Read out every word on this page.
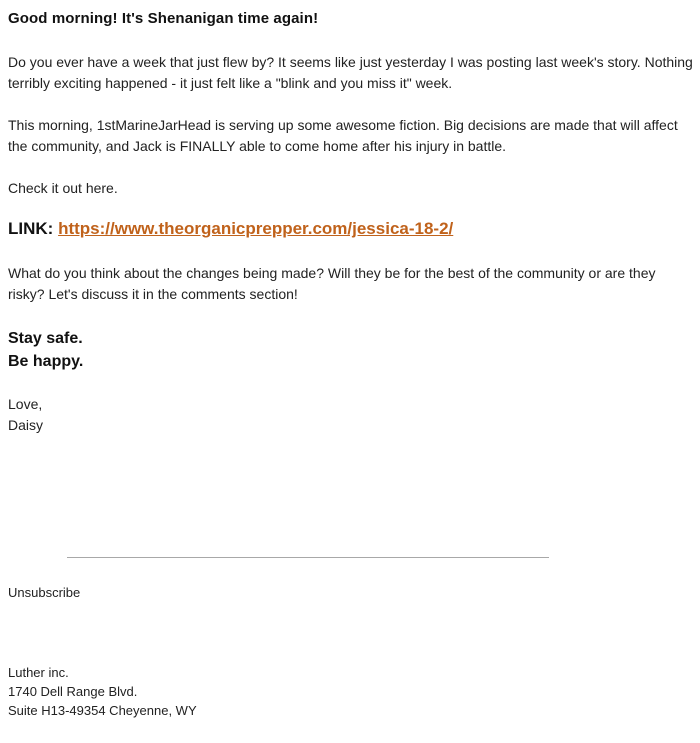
Good morning! It's Shenanigan time again!
Do you ever have a week that just flew by? It seems like just yesterday I was posting last week's story. Nothing terribly exciting happened - it just felt like a "blink and you miss it" week.
This morning, 1stMarineJarHead is serving up some awesome fiction. Big decisions are made that will affect the community, and Jack is FINALLY able to come home after his injury in battle.
Check it out here.
LINK: https://www.theorganicprepper.com/jessica-18-2/
What do you think about the changes being made? Will they be for the best of the community or are they risky? Let's discuss it in the comments section!
Stay safe.
Be happy.
Love,
Daisy
Unsubscribe
Luther inc.
1740 Dell Range Blvd.
Suite H13-49354 Cheyenne, WY
